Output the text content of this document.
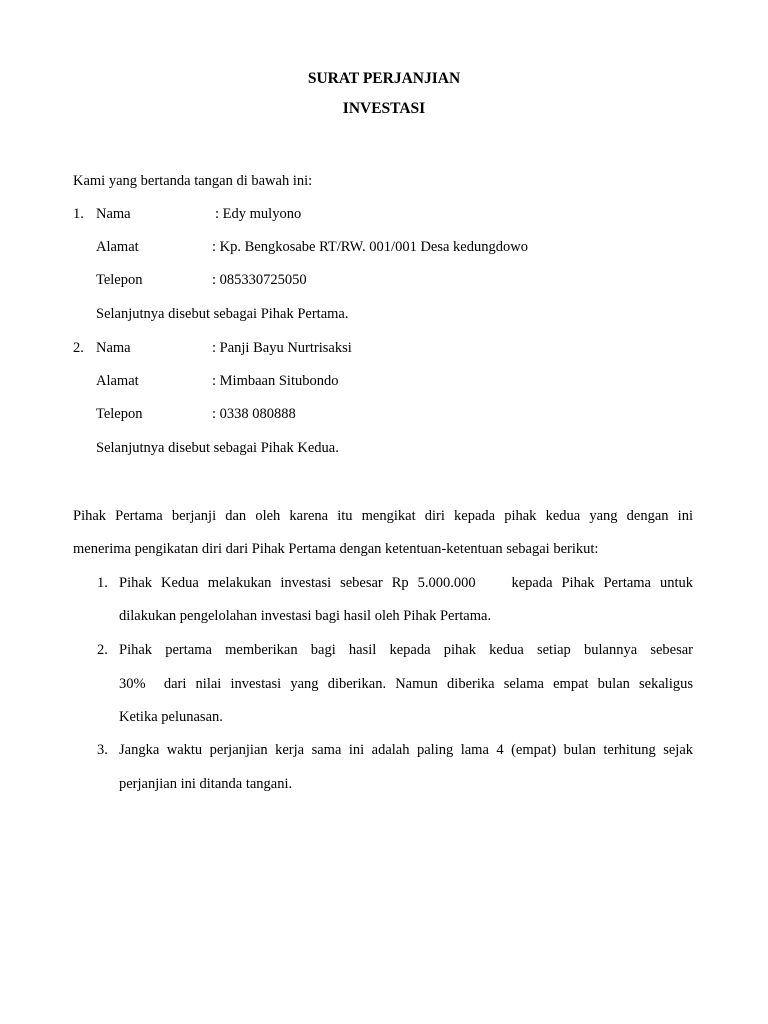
SURAT PERJANJIAN
INVESTASI
Kami yang bertanda tangan di bawah ini:
1. Nama	: Edy mulyono
Alamat	: Kp. Bengkosabe RT/RW. 001/001 Desa kedungdowo
Telepon	: 085330725050
Selanjutnya disebut sebagai Pihak Pertama.
2. Nama	: Panji Bayu Nurtrisaksi
Alamat	: Mimbaan Situbondo
Telepon	: 0338 080888
Selanjutnya disebut sebagai Pihak Kedua.
Pihak Pertama berjanji dan oleh karena itu mengikat diri kepada pihak kedua yang dengan ini
menerima pengikatan diri dari Pihak Pertama dengan ketentuan-ketentuan sebagai berikut:
1. Pihak Kedua melakukan investasi sebesar Rp 5.000.000    kepada Pihak Pertama untuk
dilakukan pengelolahan investasi bagi hasil oleh Pihak Pertama.
2. Pihak pertama memberikan bagi hasil kepada pihak kedua setiap bulannya sebesar
30%  dari nilai investasi yang diberikan. Namun diberika selama empat bulan sekaligus
Ketika pelunasan.
3. Jangka waktu perjanjian kerja sama ini adalah paling lama 4 (empat) bulan terhitung sejak
perjanjian ini ditanda tangani.
